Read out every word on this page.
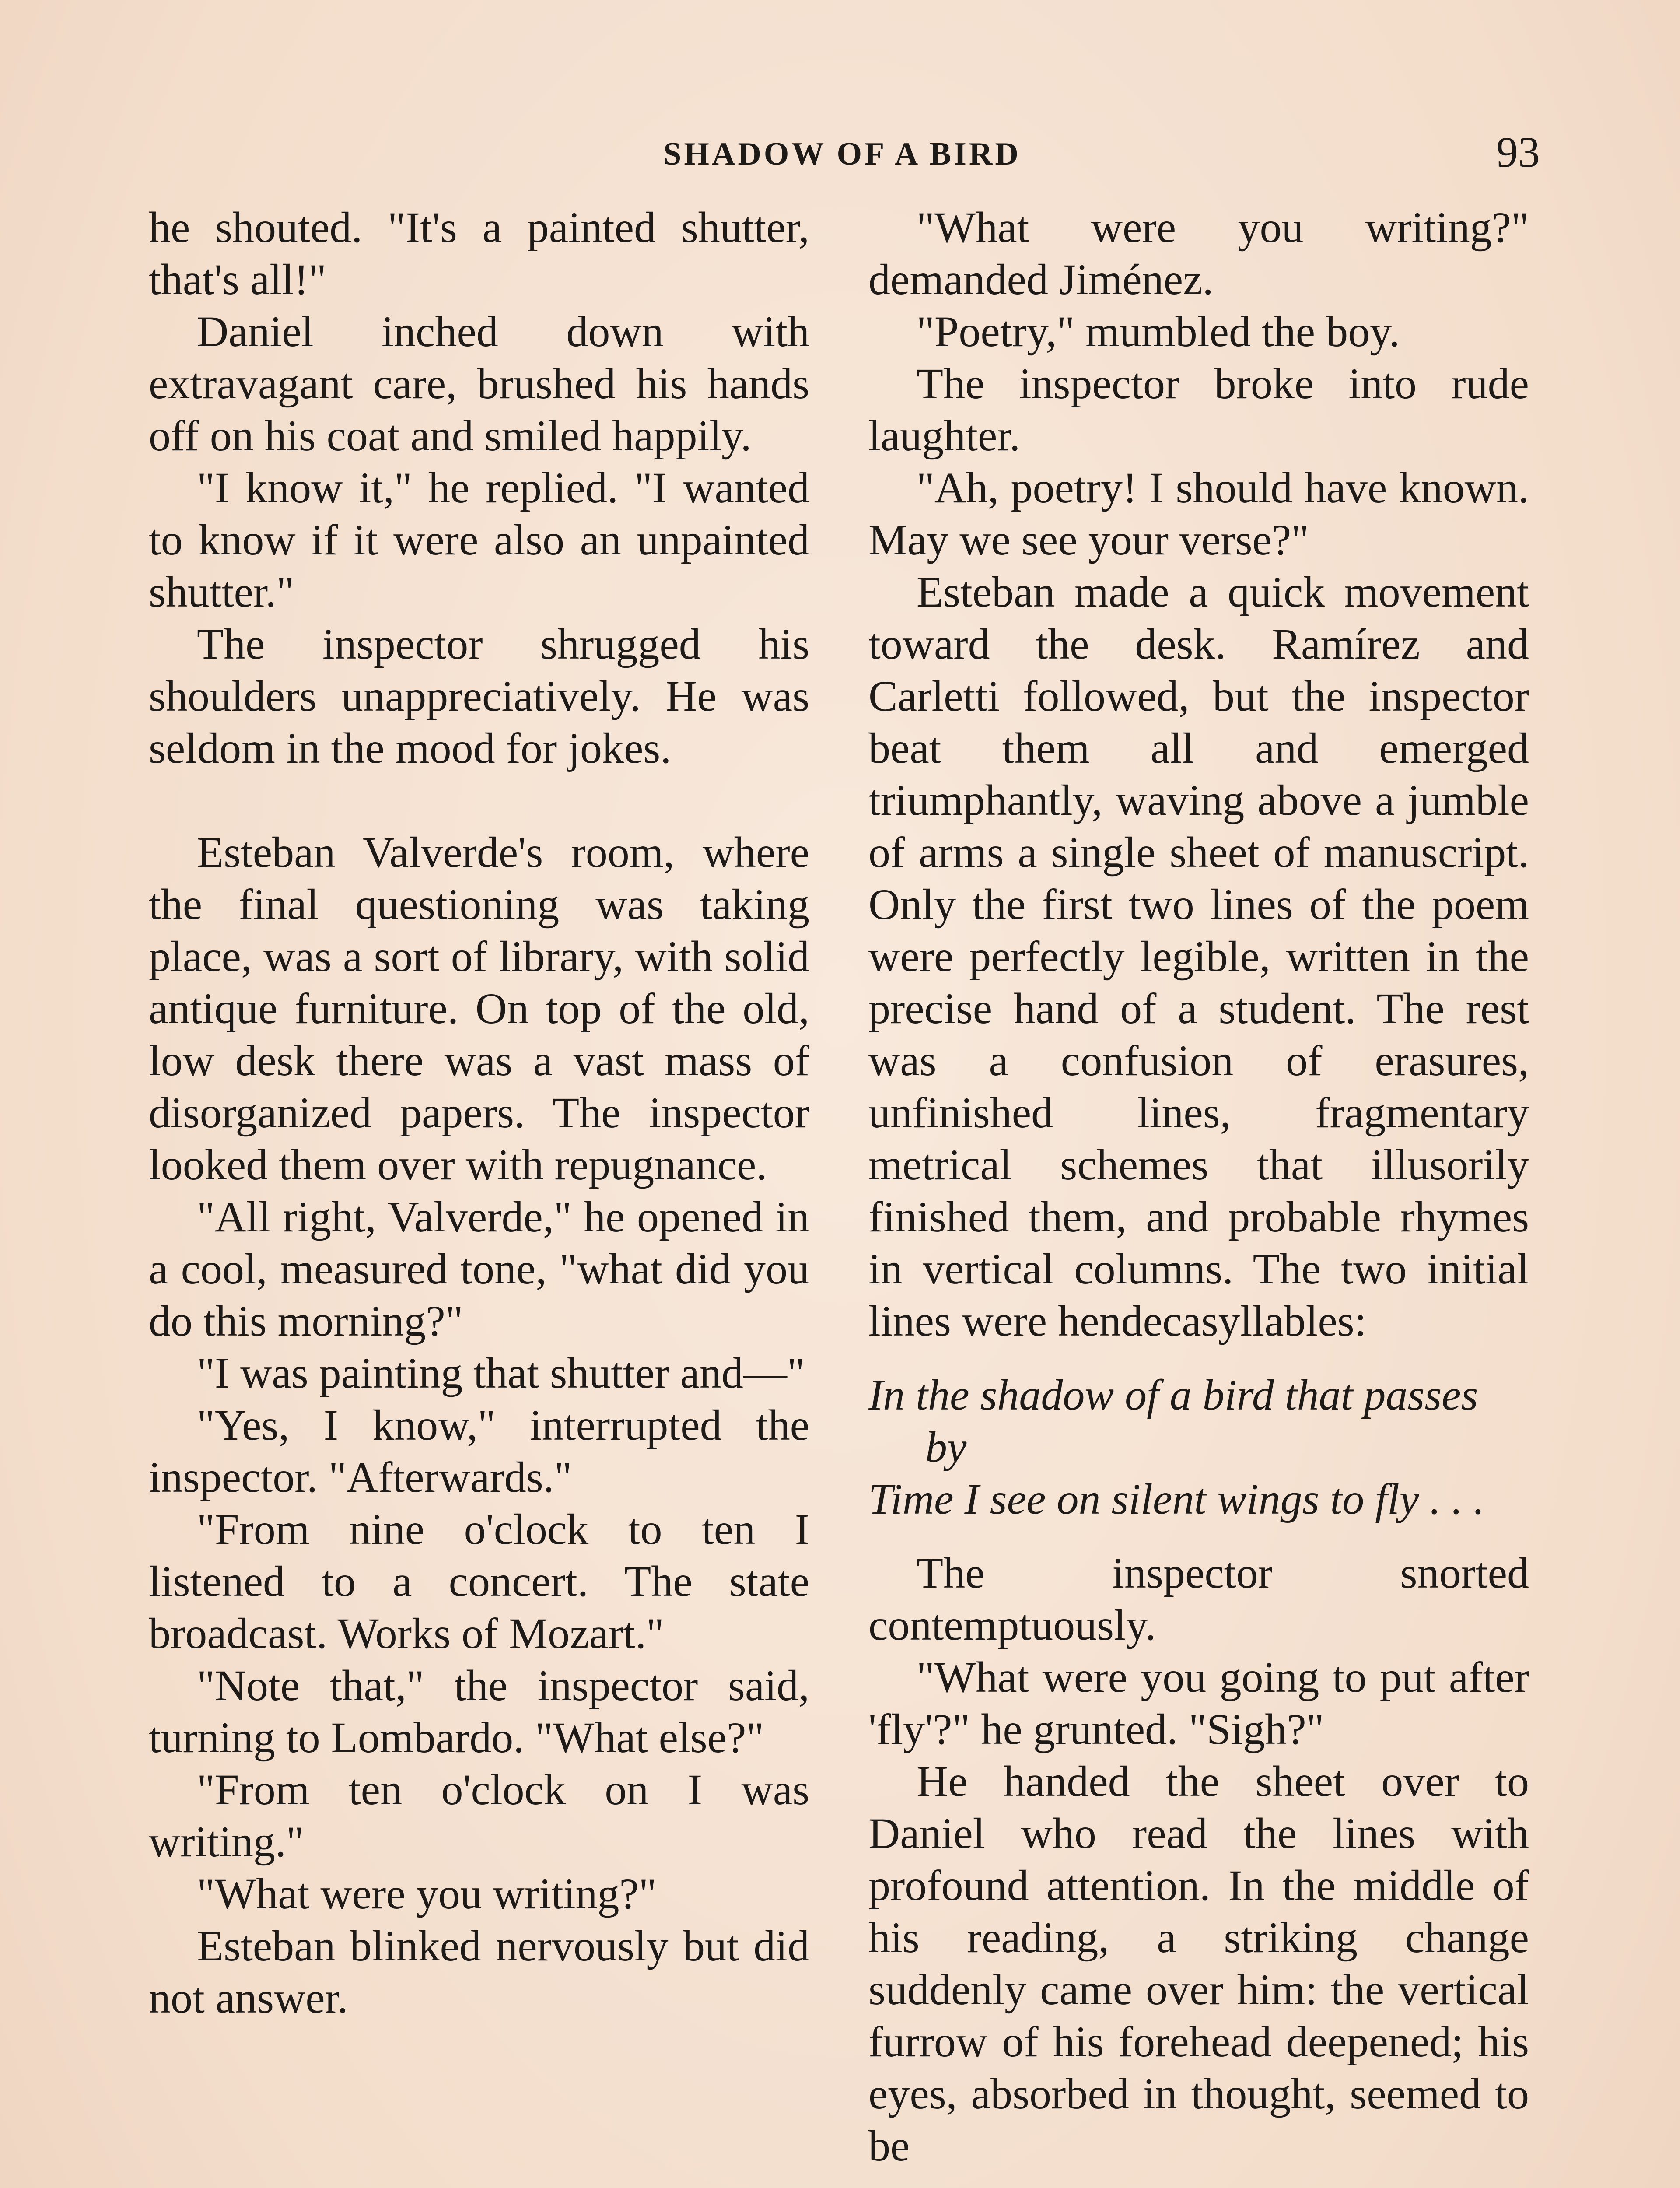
SHADOW OF A BIRD	93

he shouted. "It's a painted shutter, that's all!"

Daniel inched down with extravagant care, brushed his hands off on his coat and smiled happily.

"I know it," he replied. "I wanted to know if it were also an unpainted shutter."

The inspector shrugged his shoulders unappreciatively. He was seldom in the mood for jokes.

Esteban Valverde's room, where the final questioning was taking place, was a sort of library, with solid antique furniture. On top of the old, low desk there was a vast mass of disorganized papers. The inspector looked them over with repugnance.

"All right, Valverde," he opened in a cool, measured tone, "what did you do this morning?"

"I was painting that shutter and—"

"Yes, I know," interrupted the inspector. "Afterwards."

"From nine o'clock to ten I listened to a concert. The state broadcast. Works of Mozart."

"Note that," the inspector said, turning to Lombardo. "What else?"

"From ten o'clock on I was writing."

"What were you writing?"

Esteban blinked nervously but did not answer.

"What were you writing?" demanded Jiménez.

"Poetry," mumbled the boy.

The inspector broke into rude laughter.

"Ah, poetry! I should have known. May we see your verse?"

Esteban made a quick movement toward the desk. Ramírez and Carletti followed, but the inspector beat them all and emerged triumphantly, waving above a jumble of arms a single sheet of manuscript. Only the first two lines of the poem were perfectly legible, written in the precise hand of a student. The rest was a confusion of erasures, unfinished lines, fragmentary metrical schemes that illusorily finished them, and probable rhymes in vertical columns. The two initial lines were hendecasyllables:

In the shadow of a bird that passes by
Time I see on silent wings to fly . . .

The inspector snorted contemptuously.

"What were you going to put after 'fly'?" he grunted. "Sigh?"

He handed the sheet over to Daniel who read the lines with profound attention. In the middle of his reading, a striking change suddenly came over him: the vertical furrow of his forehead deepened; his eyes, absorbed in thought, seemed to be
